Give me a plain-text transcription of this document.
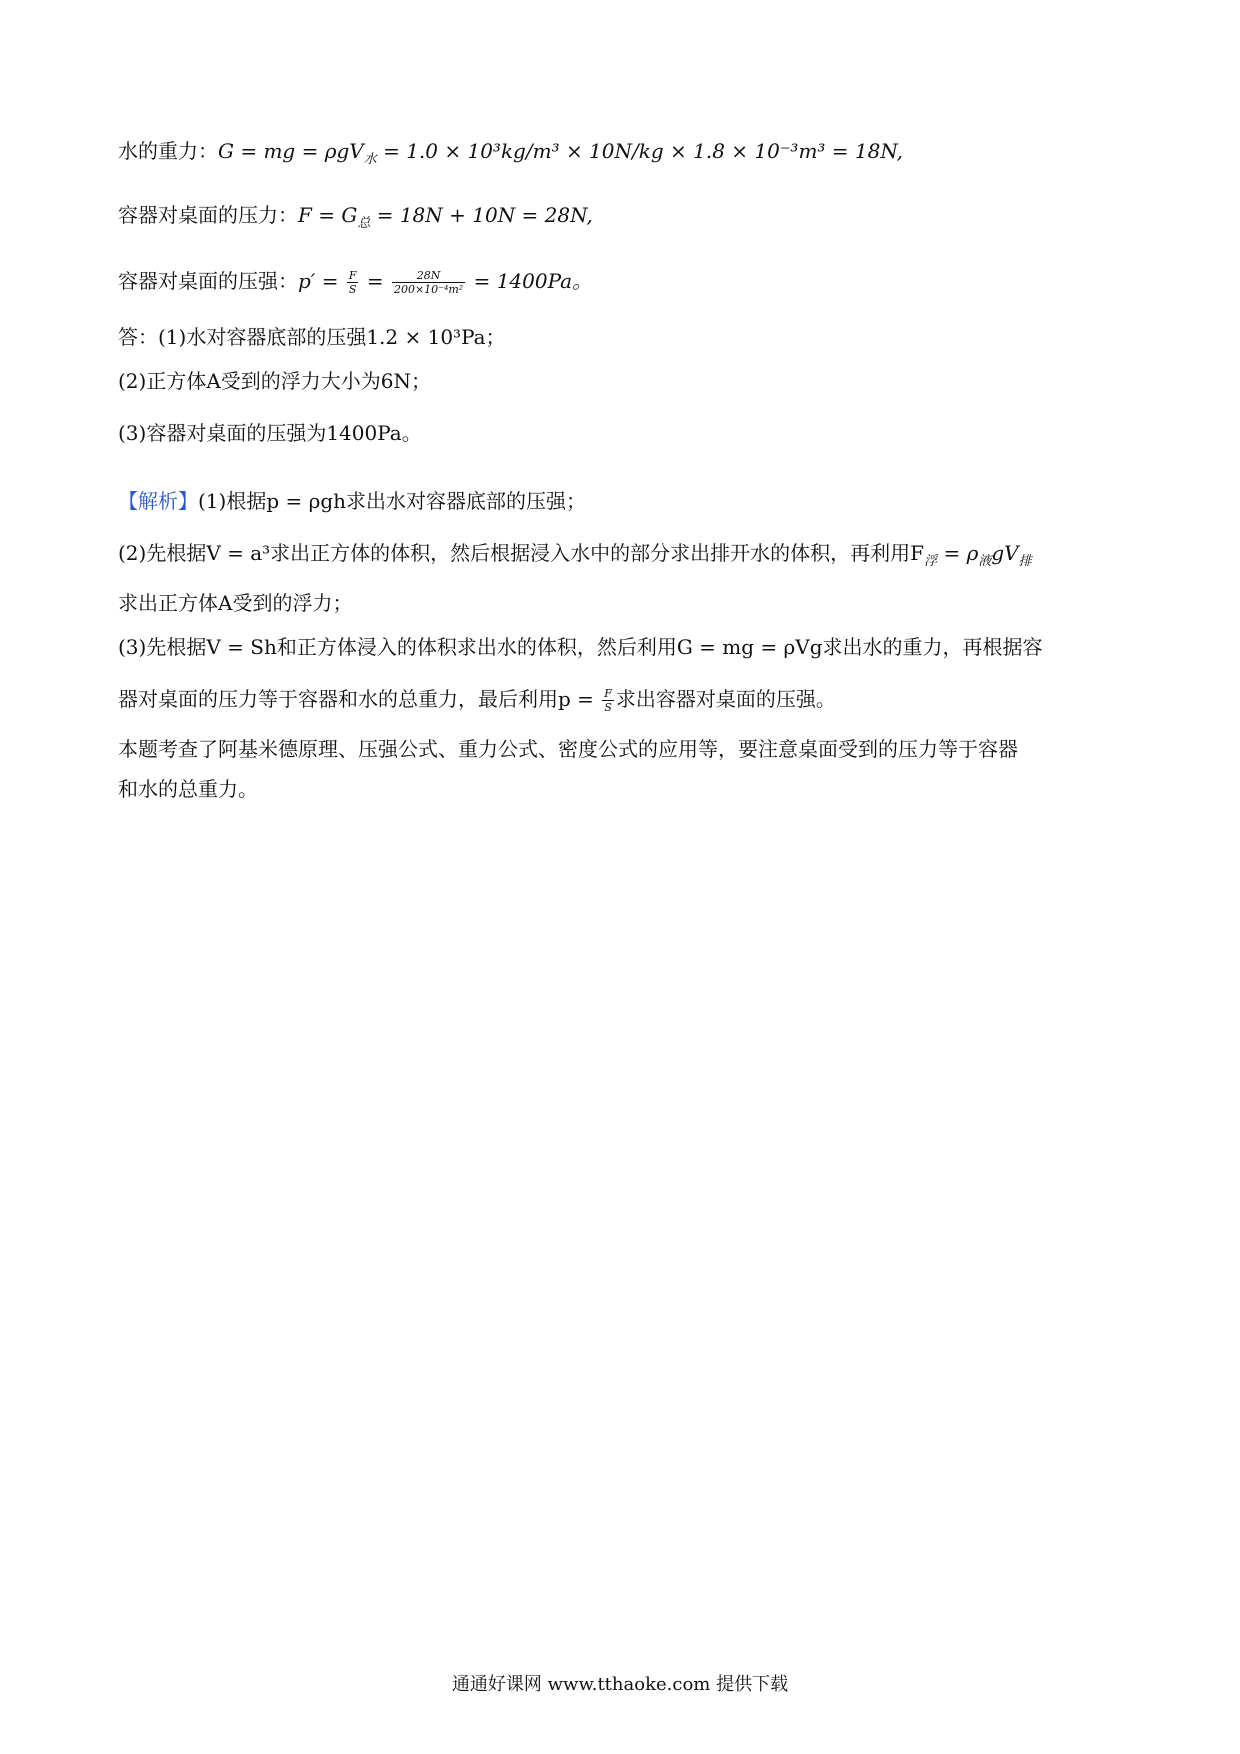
水的重力：G = mg = ρgV$_水$ = 1.0 × 10³kg/m³ × 10N/kg × 1.8 × 10⁻³m³ = 18N,
容器对桌面的压力：$F = G_总 = 18N + 10N = 28N$,
容器对桌面的压强：$p' = \frac{F}{S} = \frac{28N}{\text{200×10⁻⁴m²}} = 1400Pa$。
答：(1)水对容器底部的压强1.2 × 10³Pa；
(2)正方体A受到的浮力大小为6N；
(3)容器对桌面的压强为1400Pa。
【解析】(1)根据p = ρgh求出水对容器底部的压强；
(2)先根据V = a³求出正方体的体积，然后根据浸入水中的部分求出排开水的体积，再利用$F_浮 = \rho_液gV_排$
求出正方体A受到的浮力；
(3)先根据V = Sh和正方体浸入的体积求出水的体积，然后利用G = mg = ρVg求出水的重力，再根据容
器对桌面的压力等于容器和水的总重力，最后利用$p = \frac{F}{S}$ 求出容器对桌面的压强。
本题考查了阿基米德原理、压强公式、重力公式、密度公式的应用等，要注意桌面受到的压力等于容器
和水的总重力。
通通好课网 www.tthaoke.com 提供下载
